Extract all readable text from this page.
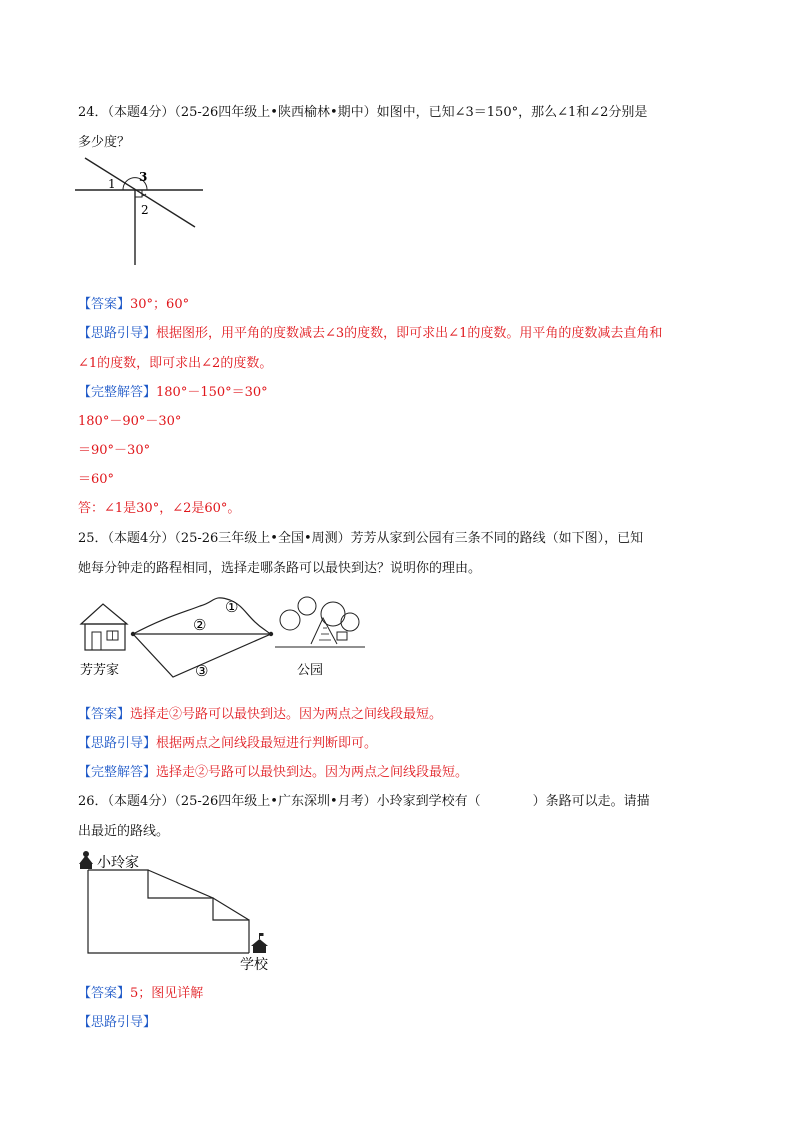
24．（本题4分）（25-26四年级上•陕西榆林•期中）如图中，已知∠3＝150°，那么∠1和∠2分别是
多少度？
1 3
2
【答案】30°；60°
【思路引导】根据图形，用平角的度数减去∠3的度数，即可求出∠1的度数。用平角的度数减去直角和
∠1的度数，即可求出∠2的度数。
【完整解答】180°－150°＝30°
180°－90°－30°
＝90°－30°
＝60°
答：∠1是30°，∠2是60°。
25．（本题4分）（25-26三年级上•全国•周测）芳芳从家到公园有三条不同的路线（如下图），已知
她每分钟走的路程相同，选择走哪条路可以最快到达？说明你的理由。
①
②
③
芳芳家	公园
【答案】选择走②号路可以最快到达。因为两点之间线段最短。
【思路引导】根据两点之间线段最短进行判断即可。
【完整解答】选择走②号路可以最快到达。因为两点之间线段最短。
26．（本题4分）（25-26四年级上•广东深圳•月考）小玲家到学校有（　　　　）条路可以走。请描
出最近的路线。
小玲家
学校
【答案】5；图见详解
【思路引导】
